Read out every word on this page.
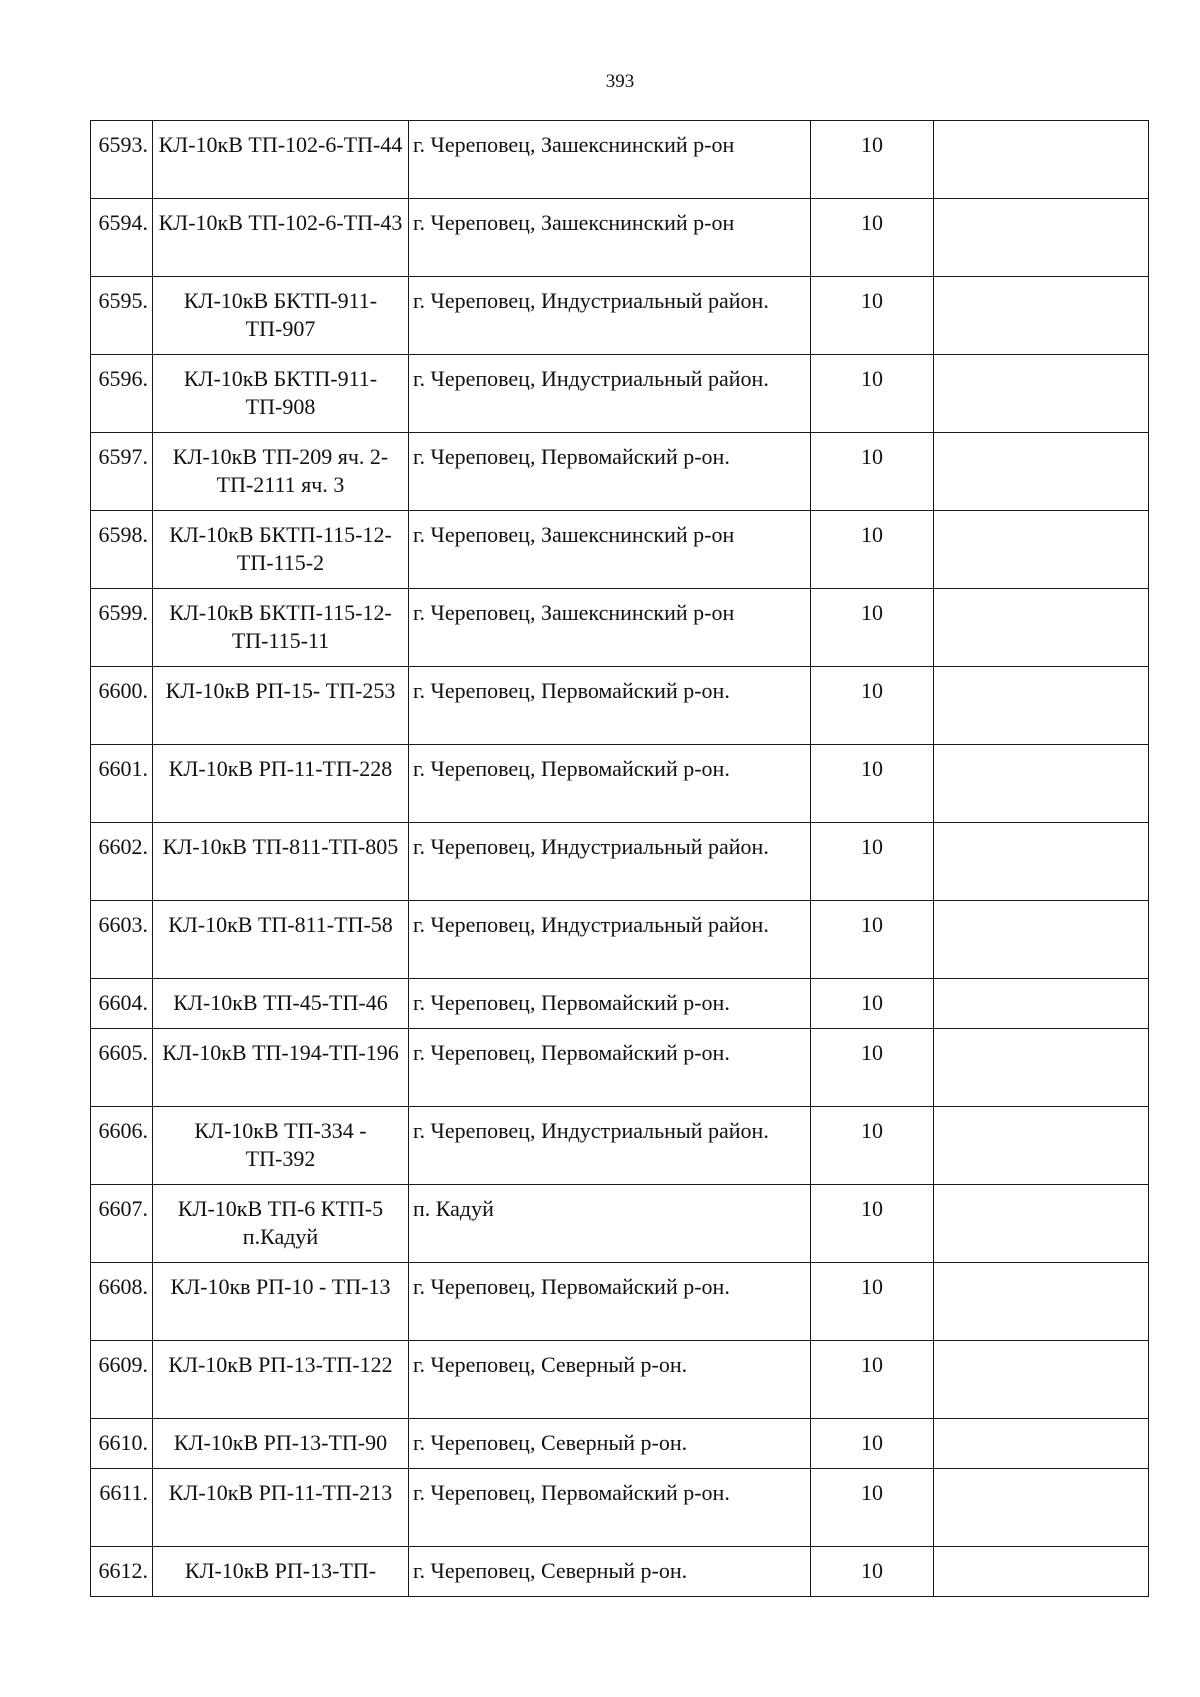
393
6593.	КЛ-10кВ ТП-102-6-ТП-44	г. Череповец, Зашекснинский р-он	10	
6594.	КЛ-10кВ ТП-102-6-ТП-43	г. Череповец, Зашекснинский р-он	10	
6595.	КЛ-10кВ БКТП-911-ТП-907	г. Череповец, Индустриальный район.	10	
6596.	КЛ-10кВ БКТП-911-ТП-908	г. Череповец, Индустриальный район.	10	
6597.	КЛ-10кВ ТП-209 яч. 2-ТП-2111 яч. 3	г. Череповец, Первомайский р-он.	10	
6598.	КЛ-10кВ БКТП-115-12-ТП-115-2	г. Череповец, Зашекснинский р-он	10	
6599.	КЛ-10кВ БКТП-115-12-ТП-115-11	г. Череповец, Зашекснинский р-он	10	
6600.	КЛ-10кВ РП-15- ТП-253	г. Череповец, Первомайский р-он.	10	
6601.	КЛ-10кВ РП-11-ТП-228	г. Череповец, Первомайский р-он.	10	
6602.	КЛ-10кВ ТП-811-ТП-805	г. Череповец, Индустриальный район.	10	
6603.	КЛ-10кВ ТП-811-ТП-58	г. Череповец, Индустриальный район.	10	
6604.	КЛ-10кВ ТП-45-ТП-46	г. Череповец, Первомайский р-он.	10	
6605.	КЛ-10кВ ТП-194-ТП-196	г. Череповец, Первомайский р-он.	10	
6606.	КЛ-10кВ ТП-334 - ТП-392	г. Череповец, Индустриальный район.	10	
6607.	КЛ-10кВ ТП-6 КТП-5 п.Кадуй	п. Кадуй	10	
6608.	КЛ-10кв РП-10 - ТП-13	г. Череповец, Первомайский р-он.	10	
6609.	КЛ-10кВ РП-13-ТП-122	г. Череповец, Северный р-он.	10	
6610.	КЛ-10кВ РП-13-ТП-90	г. Череповец, Северный р-он.	10	
6611.	КЛ-10кВ РП-11-ТП-213	г. Череповец, Первомайский р-он.	10	
6612.	КЛ-10кВ РП-13-ТП-	г. Череповец, Северный р-он.	10	
